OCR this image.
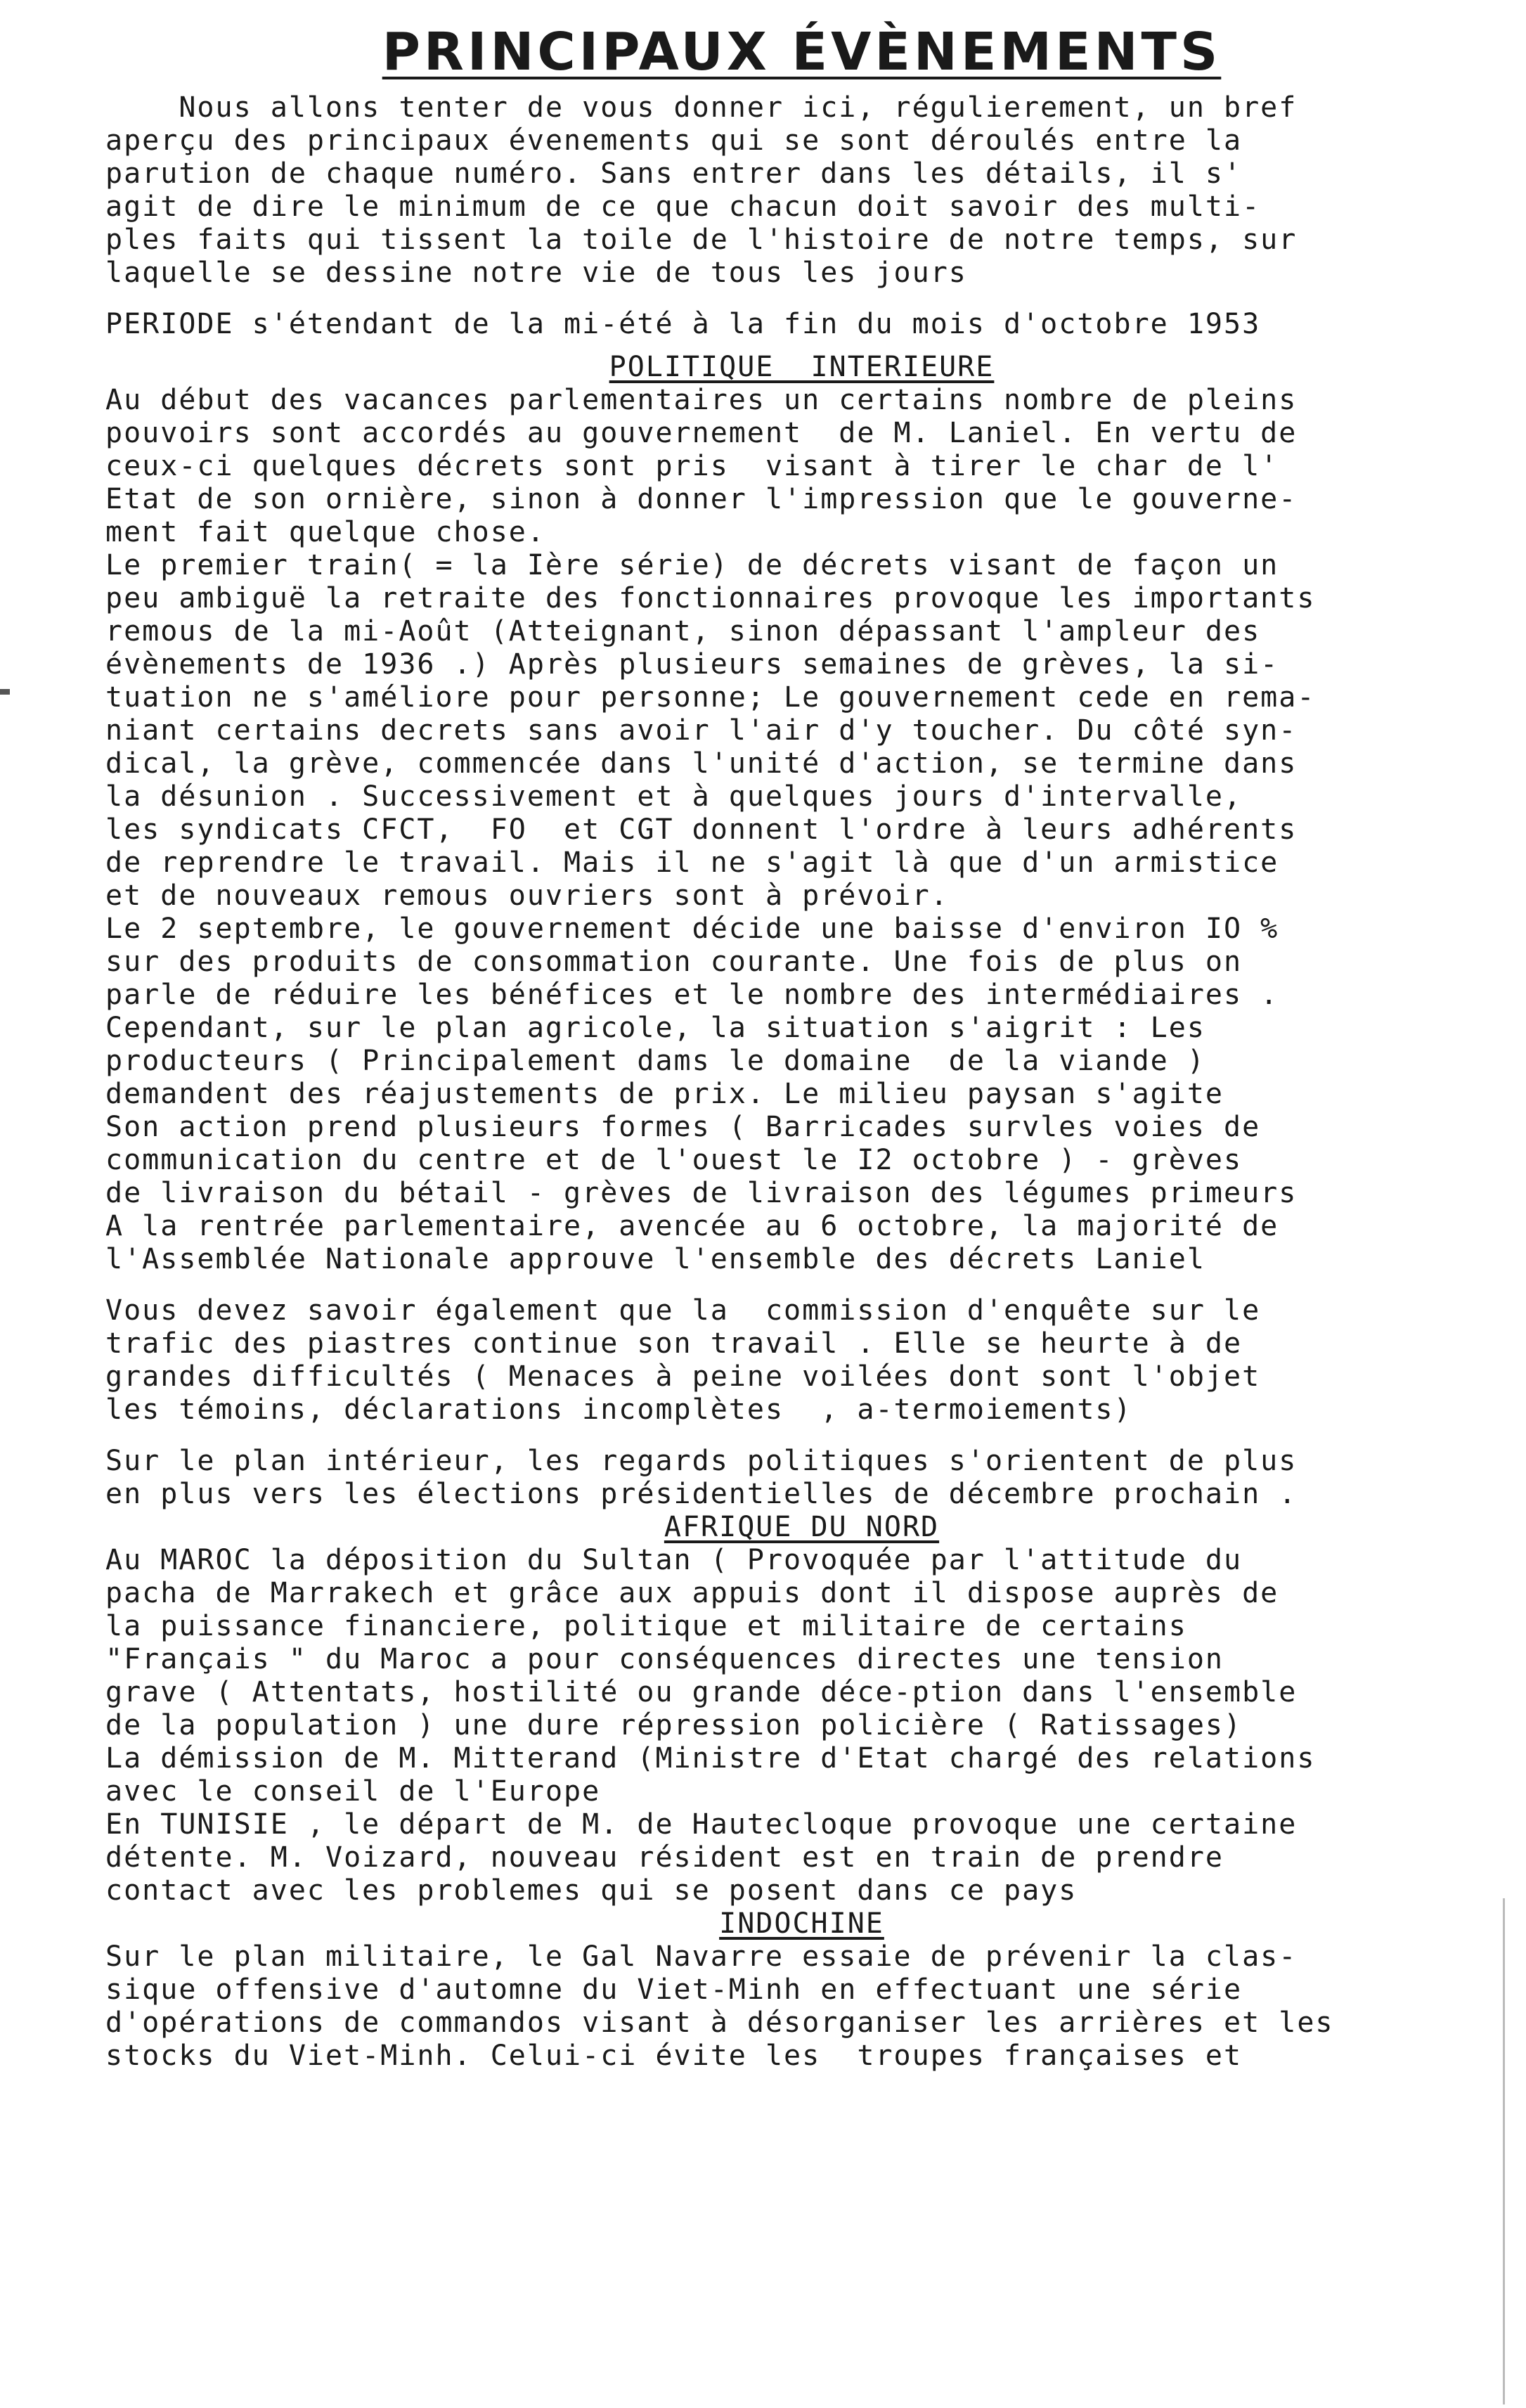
PRINCIPAUX ÉVÈNEMENTS

Nous allons tenter de vous donner ici, régulierement, un bref
aperçu des principaux évenements qui se sont déroulés entre la
parution de chaque numéro. Sans entrer dans les détails, il s'
agit de dire le minimum de ce que chacun doit savoir des multi-
ples faits qui tissent la toile de l'histoire de notre temps, sur
laquelle se dessine notre vie de tous les jours

PERIODE s'étendant de la mi-été à la fin du mois d'octobre 1953

POLITIQUE  INTERIEURE

Au début des vacances parlementaires un certains nombre de pleins
pouvoirs sont accordés au gouvernement  de M. Laniel. En vertu de
ceux-ci quelques décrets sont pris  visant à tirer le char de l'
Etat de son ornière, sinon à donner l'impression que le gouverne-
ment fait quelque chose.
Le premier train( = la Ière série) de décrets visant de façon un
peu ambiguë la retraite des fonctionnaires provoque les importants
remous de la mi-Août (Atteignant, sinon dépassant l'ampleur des
évènements de 1936 .) Après plusieurs semaines de grèves, la si-
tuation ne s'améliore pour personne; Le gouvernement cede en rema-
niant certains decrets sans avoir l'air d'y toucher. Du côté syn-
dical, la grève, commencée dans l'unité d'action, se termine dans
la désunion . Successivement et à quelques jours d'intervalle,
les syndicats CFCT,  FO  et CGT donnent l'ordre à leurs adhérents
de reprendre le travail. Mais il ne s'agit là que d'un armistice
et de nouveaux remous ouvriers sont à prévoir.
Le 2 septembre, le gouvernement décide une baisse d'environ IO %
sur des produits de consommation courante. Une fois de plus on
parle de réduire les bénéfices et le nombre des intermédiaires .
Cependant, sur le plan agricole, la situation s'aigrit : Les
producteurs ( Principalement dams le domaine  de la viande )
demandent des réajustements de prix. Le milieu paysan s'agite
Son action prend plusieurs formes ( Barricades survles voies de
communication du centre et de l'ouest le I2 octobre ) - grèves
de livraison du bétail - grèves de livraison des légumes primeurs
A la rentrée parlementaire, avencée au 6 octobre, la majorité de
l'Assemblée Nationale approuve l'ensemble des décrets Laniel

Vous devez savoir également que la  commission d'enquête sur le
trafic des piastres continue son travail . Elle se heurte à de
grandes difficultés ( Menaces à peine voilées dont sont l'objet
les témoins, déclarations incomplètes  , a-termoiements)

Sur le plan intérieur, les regards politiques s'orientent de plus
en plus vers les élections présidentielles de décembre prochain .

AFRIQUE DU NORD

Au MAROC la déposition du Sultan ( Provoquée par l'attitude du
pacha de Marrakech et grâce aux appuis dont il dispose auprès de
la puissance financiere, politique et militaire de certains
"Français " du Maroc a pour conséquences directes une tension
grave ( Attentats, hostilité ou grande déce-ption dans l'ensemble
de la population ) une dure répression policière ( Ratissages)
La démission de M. Mitterand (Ministre d'Etat chargé des relations
avec le conseil de l'Europe
En TUNISIE , le départ de M. de Hautecloque provoque une certaine
détente. M. Voizard, nouveau résident est en train de prendre
contact avec les problemes qui se posent dans ce pays

INDOCHINE

Sur le plan militaire, le Gal Navarre essaie de prévenir la clas-
sique offensive d'automne du Viet-Minh en effectuant une série
d'opérations de commandos visant à désorganiser les arrières et les
stocks du Viet-Minh. Celui-ci évite les  troupes françaises et
